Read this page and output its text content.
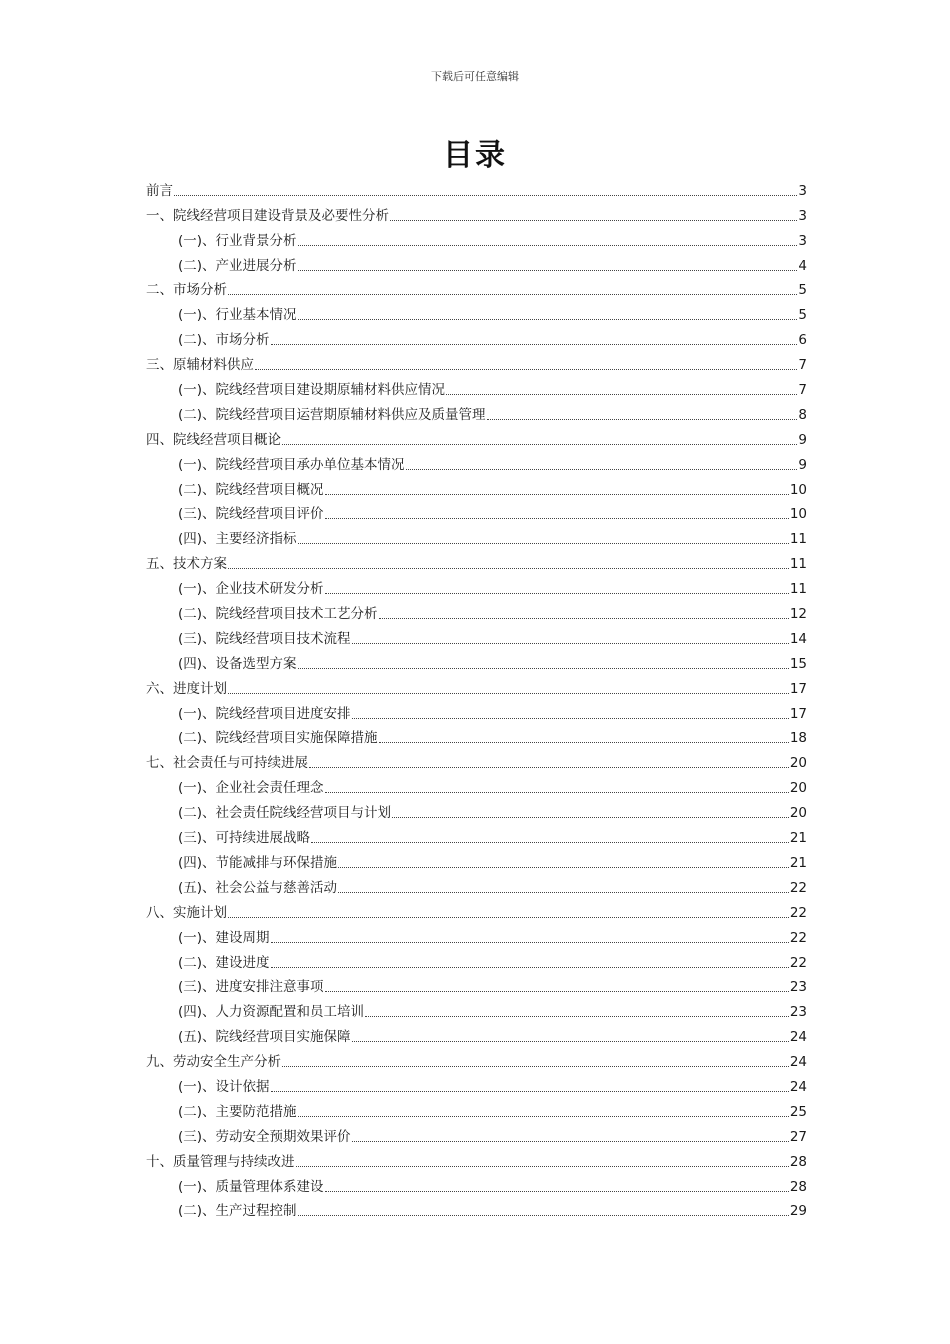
下载后可任意编辑
目录
前言	3
一、院线经营项目建设背景及必要性分析	3
(一)、行业背景分析	3
(二)、产业进展分析	4
二、市场分析	5
(一)、行业基本情况	5
(二)、市场分析	6
三、原辅材料供应	7
(一)、院线经营项目建设期原辅材料供应情况	7
(二)、院线经营项目运营期原辅材料供应及质量管理	8
四、院线经营项目概论	9
(一)、院线经营项目承办单位基本情况	9
(二)、院线经营项目概况	10
(三)、院线经营项目评价	10
(四)、主要经济指标	11
五、技术方案	11
(一)、企业技术研发分析	11
(二)、院线经营项目技术工艺分析	12
(三)、院线经营项目技术流程	14
(四)、设备选型方案	15
六、进度计划	17
(一)、院线经营项目进度安排	17
(二)、院线经营项目实施保障措施	18
七、社会责任与可持续进展	20
(一)、企业社会责任理念	20
(二)、社会责任院线经营项目与计划	20
(三)、可持续进展战略	21
(四)、节能减排与环保措施	21
(五)、社会公益与慈善活动	22
八、实施计划	22
(一)、建设周期	22
(二)、建设进度	22
(三)、进度安排注意事项	23
(四)、人力资源配置和员工培训	23
(五)、院线经营项目实施保障	24
九、劳动安全生产分析	24
(一)、设计依据	24
(二)、主要防范措施	25
(三)、劳动安全预期效果评价	27
十、质量管理与持续改进	28
(一)、质量管理体系建设	28
(二)、生产过程控制	29
